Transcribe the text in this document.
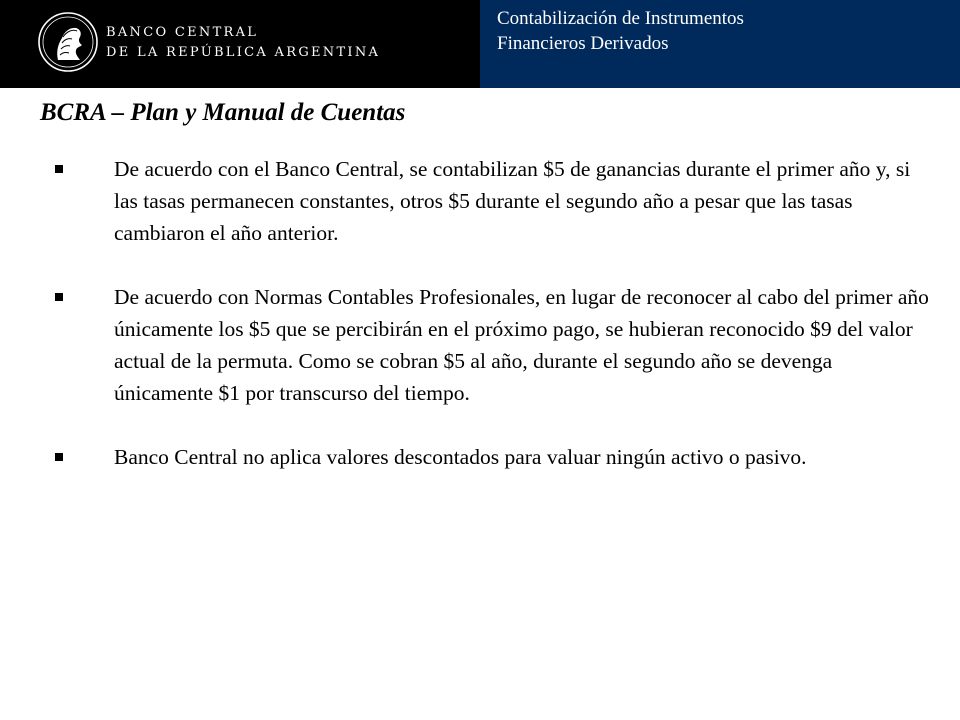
BANCO CENTRAL
DE LA REPÚBLICA ARGENTINA
Contabilización de Instrumentos
Financieros Derivados
BCRA – Plan y Manual de Cuentas
De acuerdo con el Banco Central, se contabilizan $5 de ganancias durante el primer año y, si las tasas permanecen constantes, otros $5 durante el segundo año a pesar que las tasas cambiaron el año anterior.
De acuerdo con Normas Contables Profesionales, en lugar de reconocer al cabo del primer año únicamente los $5 que se percibirán en el próximo pago, se hubieran reconocido $9 del valor actual de la permuta. Como se cobran $5 al año, durante el segundo año se devenga únicamente $1 por transcurso del tiempo.
Banco Central no aplica valores descontados para valuar ningún activo o pasivo.
